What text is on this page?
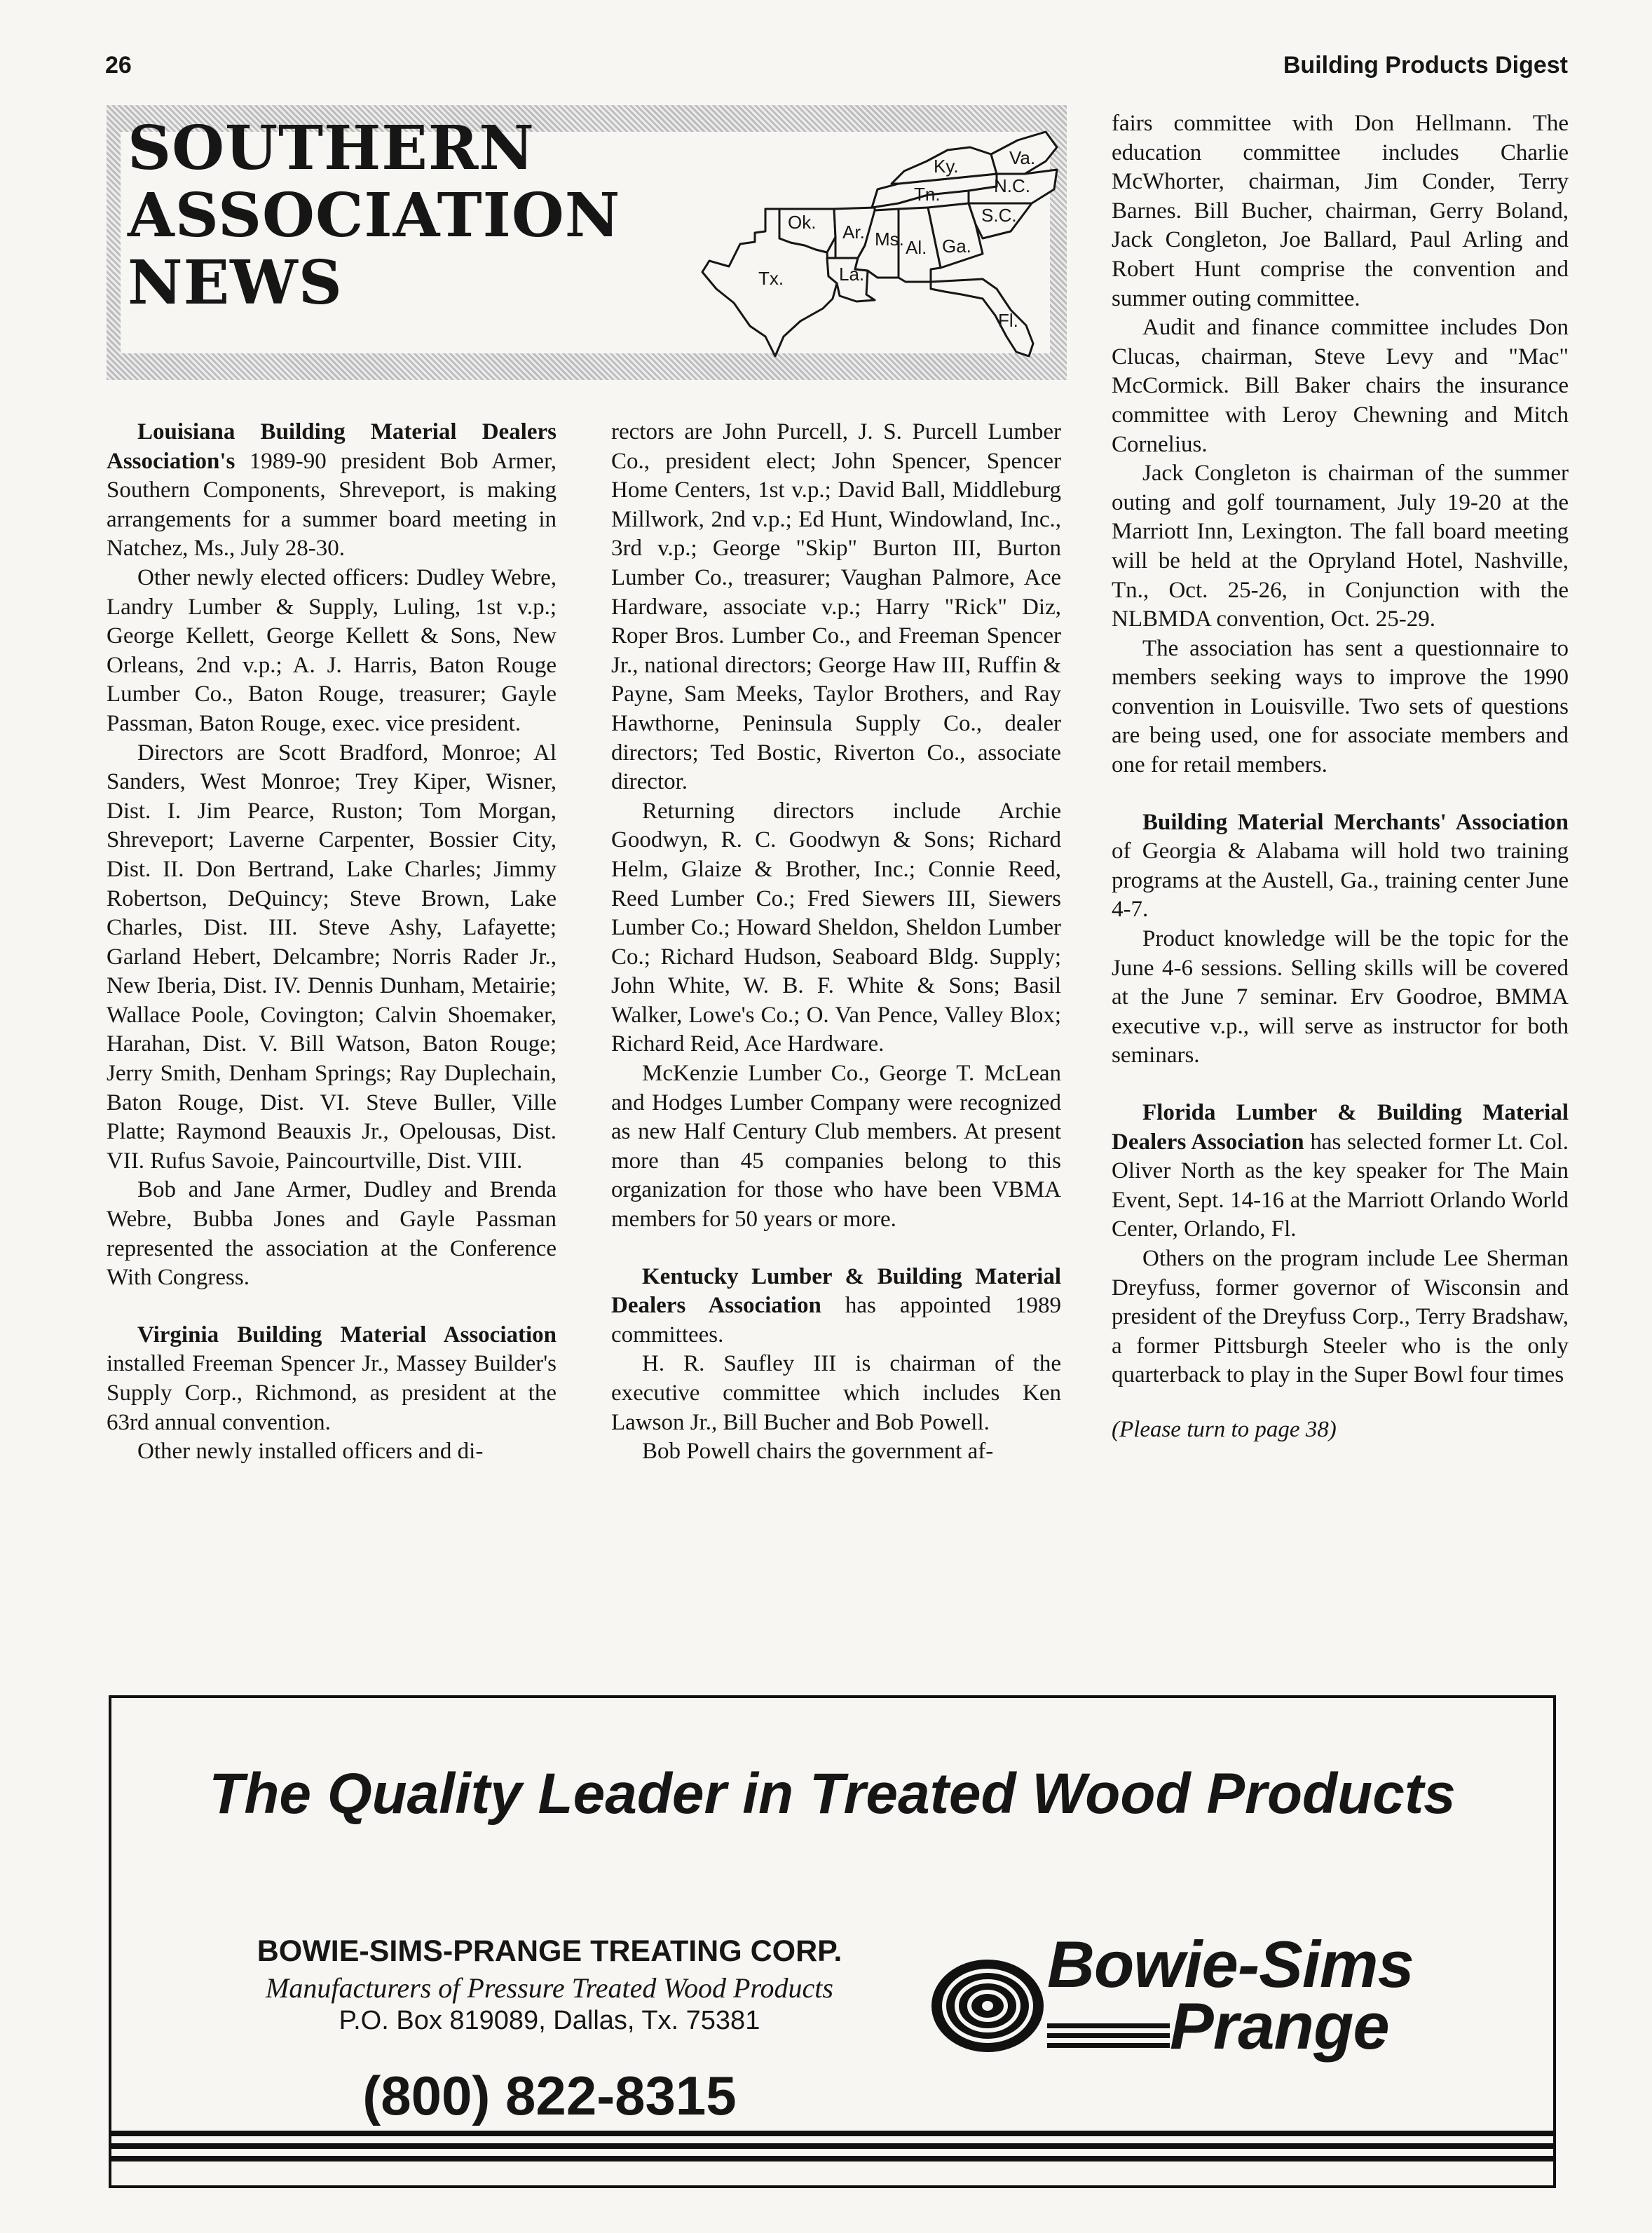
26	Building Products Digest
SOUTHERN
ASSOCIATION
NEWS
Ok.
Tx.
Ar.
La.
Ms. Al. Ga.
Fl.
Tn.
Ky.	Va.
N.C.
S.C.

Louisiana Building Material Dealers Association's 1989-90 president Bob Armer, Southern Components, Shreveport, is making arrangements for a summer board meeting in Natchez, Ms., July 28-30.

Other newly elected officers: Dudley Webre, Landry Lumber & Supply, Luling, 1st v.p.; George Kellett, George Kellett & Sons, New Orleans, 2nd v.p.; A. J. Harris, Baton Rouge Lumber Co., Baton Rouge, treasurer; Gayle Passman, Baton Rouge, exec. vice president.

Directors are Scott Bradford, Monroe; Al Sanders, West Monroe; Trey Kiper, Wisner, Dist. I. Jim Pearce, Ruston; Tom Morgan, Shreveport; Laverne Carpenter, Bossier City, Dist. II. Don Bertrand, Lake Charles; Jimmy Robertson, DeQuincy; Steve Brown, Lake Charles, Dist. III. Steve Ashy, Lafayette; Garland Hebert, Delcambre; Norris Rader Jr., New Iberia, Dist. IV. Dennis Dunham, Metairie; Wallace Poole, Covington; Calvin Shoemaker, Harahan, Dist. V. Bill Watson, Baton Rouge; Jerry Smith, Denham Springs; Ray Duplechain, Baton Rouge, Dist. VI. Steve Buller, Ville Platte; Raymond Beauxis Jr., Opelousas, Dist. VII. Rufus Savoie, Paincourtville, Dist. VIII.

Bob and Jane Armer, Dudley and Brenda Webre, Bubba Jones and Gayle Passman represented the association at the Conference With Congress.

Virginia Building Material Association installed Freeman Spencer Jr., Massey Builder's Supply Corp., Richmond, as president at the 63rd annual convention.

Other newly installed officers and di-

rectors are John Purcell, J. S. Purcell Lumber Co., president elect; John Spencer, Spencer Home Centers, 1st v.p.; David Ball, Middleburg Millwork, 2nd v.p.; Ed Hunt, Windowland, Inc., 3rd v.p.; George "Skip" Burton III, Burton Lumber Co., treasurer; Vaughan Palmore, Ace Hardware, associate v.p.; Harry "Rick" Diz, Roper Bros. Lumber Co., and Freeman Spencer Jr., national directors; George Haw III, Ruffin & Payne, Sam Meeks, Taylor Brothers, and Ray Hawthorne, Peninsula Supply Co., dealer directors; Ted Bostic, Riverton Co., associate director.

Returning directors include Archie Goodwyn, R. C. Goodwyn & Sons; Richard Helm, Glaize & Brother, Inc.; Connie Reed, Reed Lumber Co.; Fred Siewers III, Siewers Lumber Co.; Howard Sheldon, Sheldon Lumber Co.; Richard Hudson, Seaboard Bldg. Supply; John White, W. B. F. White & Sons; Basil Walker, Lowe's Co.; O. Van Pence, Valley Blox; Richard Reid, Ace Hardware.

McKenzie Lumber Co., George T. McLean and Hodges Lumber Company were recognized as new Half Century Club members. At present more than 45 companies belong to this organization for those who have been VBMA members for 50 years or more.

Kentucky Lumber & Building Material Dealers Association has appointed 1989 committees.

H. R. Saufley III is chairman of the executive committee which includes Ken Lawson Jr., Bill Bucher and Bob Powell.

Bob Powell chairs the government af-

fairs committee with Don Hellmann. The education committee includes Charlie McWhorter, chairman, Jim Conder, Terry Barnes. Bill Bucher, chairman, Gerry Boland, Jack Congleton, Joe Ballard, Paul Arling and Robert Hunt comprise the convention and summer outing committee.

Audit and finance committee includes Don Clucas, chairman, Steve Levy and "Mac" McCormick. Bill Baker chairs the insurance committee with Leroy Chewning and Mitch Cornelius.

Jack Congleton is chairman of the summer outing and golf tournament, July 19-20 at the Marriott Inn, Lexington. The fall board meeting will be held at the Opryland Hotel, Nashville, Tn., Oct. 25-26, in Conjunction with the NLBMDA convention, Oct. 25-29.

The association has sent a questionnaire to members seeking ways to improve the 1990 convention in Louisville. Two sets of questions are being used, one for associate members and one for retail members.

Building Material Merchants' Association of Georgia & Alabama will hold two training programs at the Austell, Ga., training center June 4-7.

Product knowledge will be the topic for the June 4-6 sessions. Selling skills will be covered at the June 7 seminar. Erv Goodroe, BMMA executive v.p., will serve as instructor for both seminars.

Florida Lumber & Building Material Dealers Association has selected former Lt. Col. Oliver North as the key speaker for The Main Event, Sept. 14-16 at the Marriott Orlando World Center, Orlando, Fl.

Others on the program include Lee Sherman Dreyfuss, former governor of Wisconsin and president of the Dreyfuss Corp., Terry Bradshaw, a former Pittsburgh Steeler who is the only quarterback to play in the Super Bowl four times

(Please turn to page 38)

The Quality Leader in Treated Wood Products
BOWIE-SIMS-PRANGE TREATING CORP.
Manufacturers of Pressure Treated Wood Products
P.O. Box 819089, Dallas, Tx. 75381
(800) 822-8315
Bowie-Sims
Prange
